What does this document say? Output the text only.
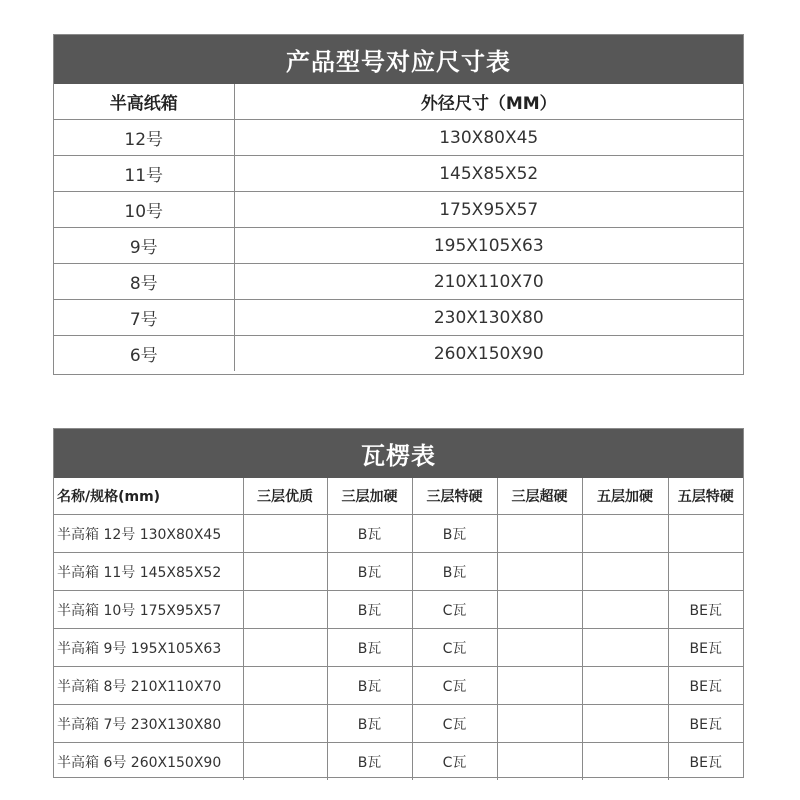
产品型号对应尺寸表
半高纸箱	外径尺寸（MM）
12号	130X80X45
11号	145X85X52
10号	175X95X57
9号	195X105X63
8号	210X110X70
7号	230X130X80
6号	260X150X90
瓦楞表
名称/规格(mm)	三层优质	三层加硬	三层特硬	三层超硬	五层加硬	五层特硬
半高箱 12号 130X80X45		B瓦	B瓦			
半高箱 11号 145X85X52		B瓦	B瓦			
半高箱 10号 175X95X57		B瓦	C瓦			BE瓦
半高箱 9号 195X105X63		B瓦	C瓦			BE瓦
半高箱 8号 210X110X70		B瓦	C瓦			BE瓦
半高箱 7号 230X130X80		B瓦	C瓦			BE瓦
半高箱 6号 260X150X90		B瓦	C瓦			BE瓦
